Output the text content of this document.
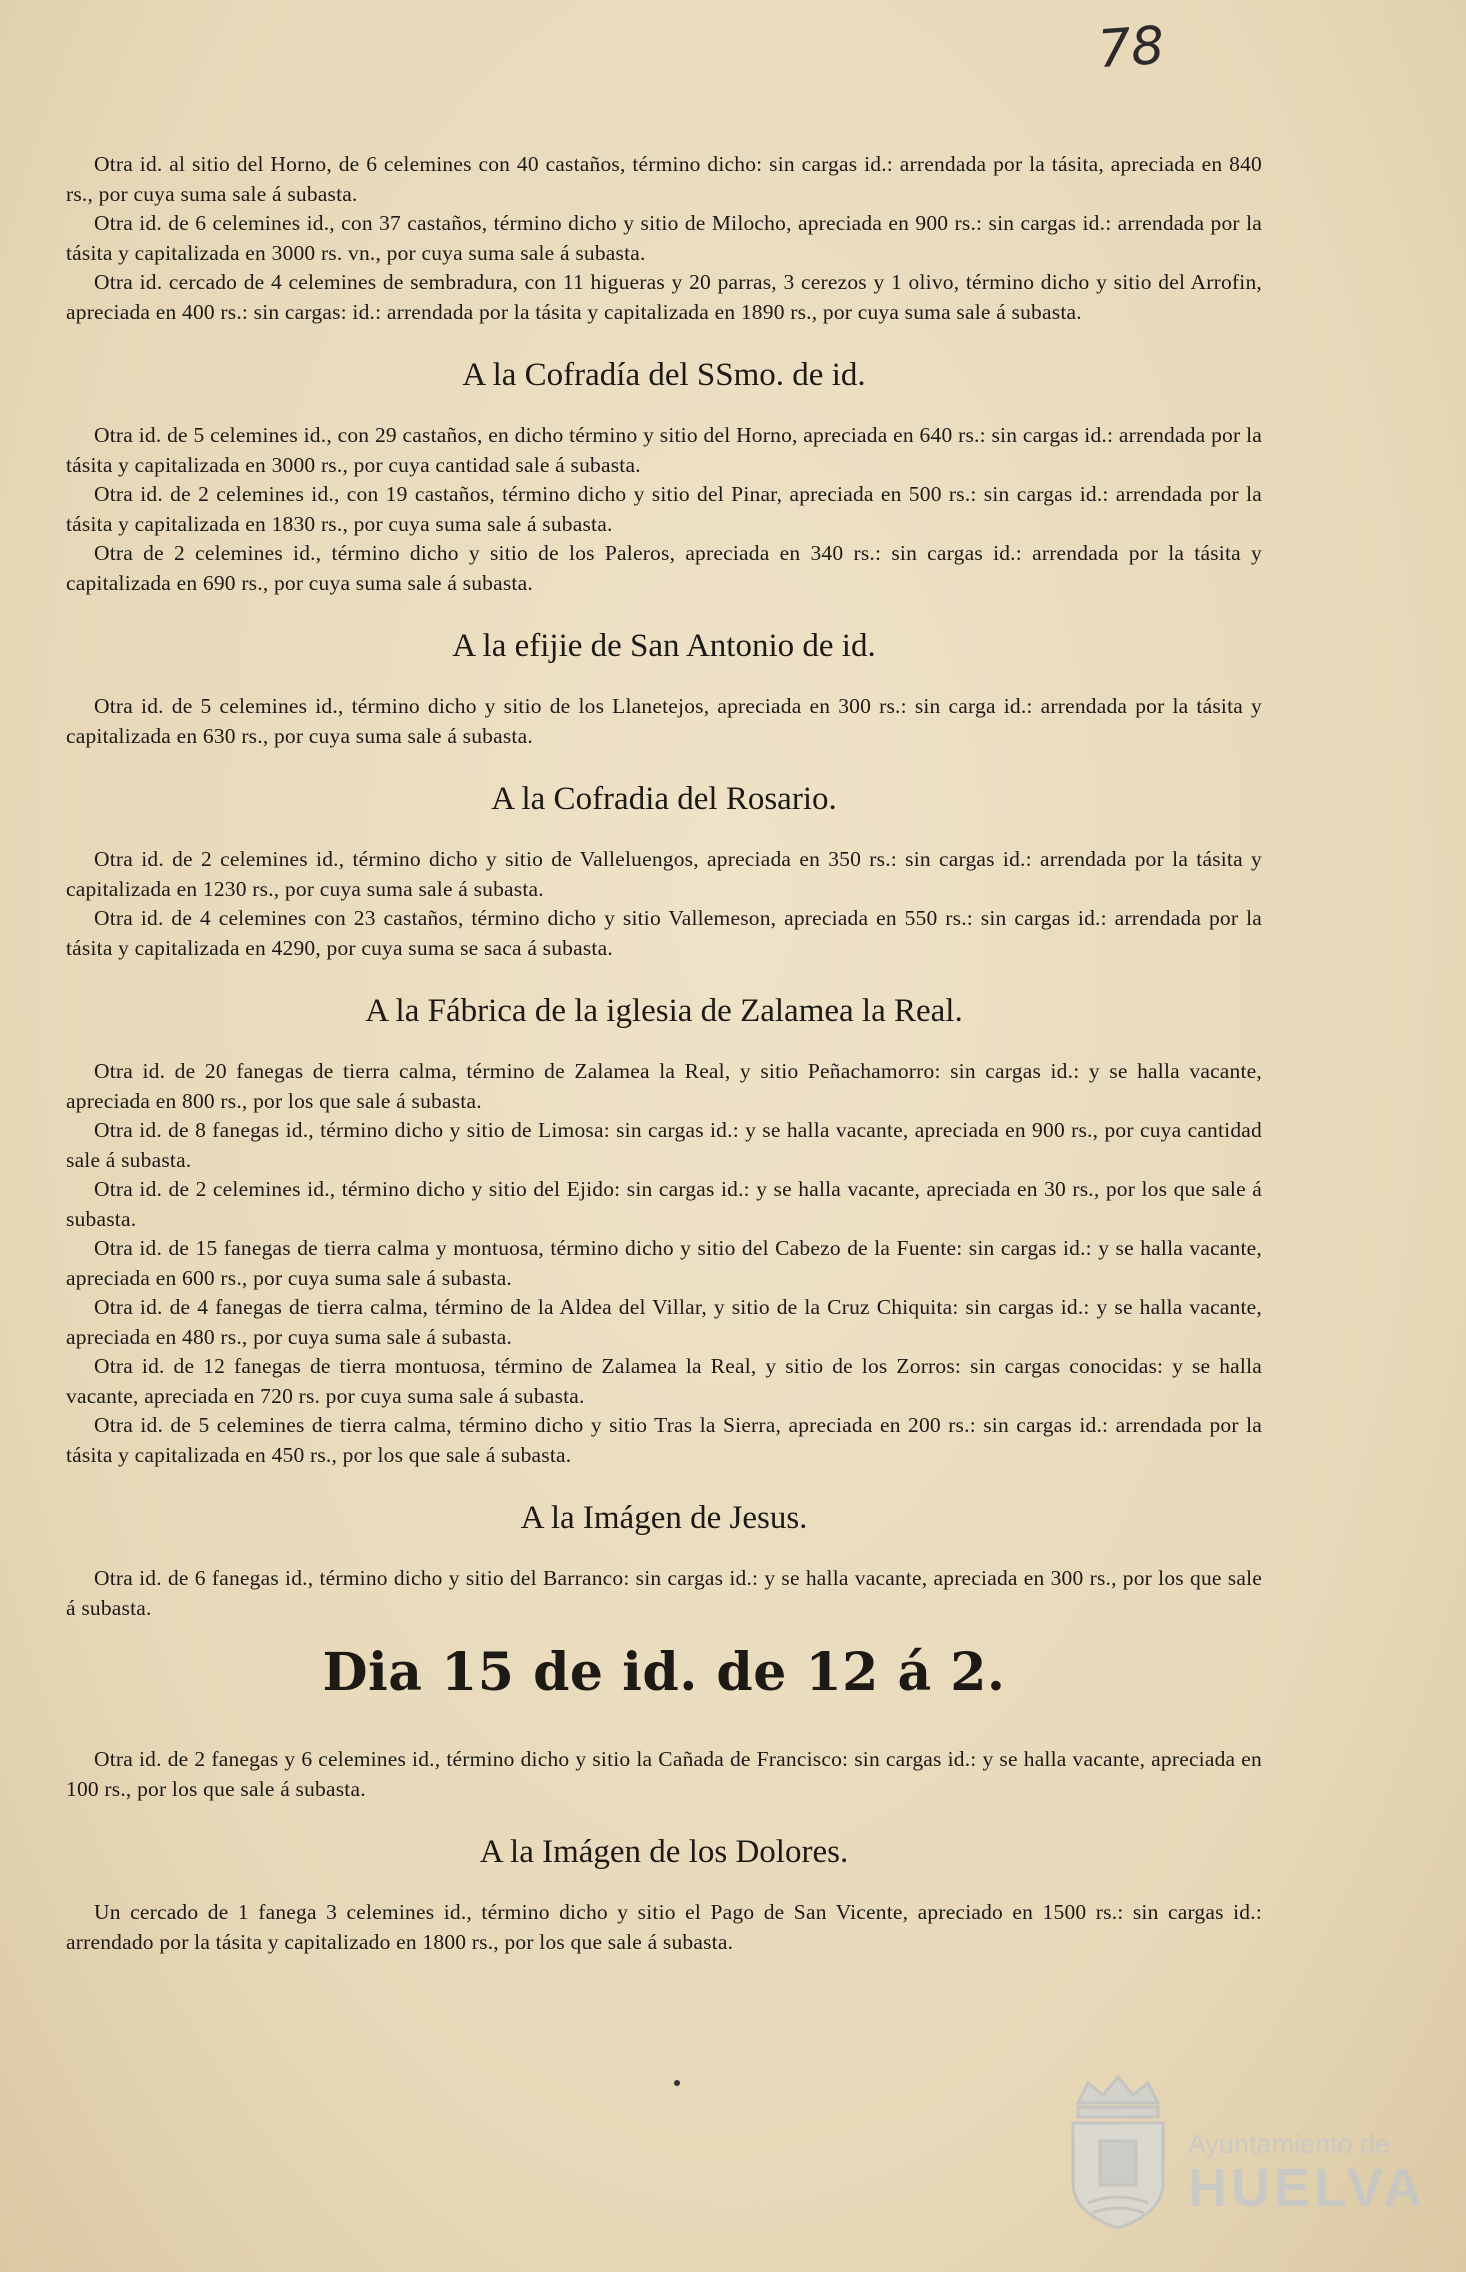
78

Otra id. al sitio del Horno, de 6 celemines con 40 castaños, término dicho: sin cargas id.: arrendada por la tásita, apreciada en 840 rs., por cuya suma sale á subasta.

Otra id. de 6 celemines id., con 37 castaños, término dicho y sitio de Milocho, apreciada en 900 rs.: sin cargas id.: arrendada por la tásita y capitalizada en 3000 rs. vn., por cuya suma sale á subasta.

Otra id. cercado de 4 celemines de sembradura, con 11 higueras y 20 parras, 3 cerezos y 1 olivo, término dicho y sitio del Arrofin, apreciada en 400 rs.: sin cargas: id.: arrendada por la tásita y capitalizada en 1890 rs., por cuya suma sale á subasta.

A la Cofradía del SSmo. de id.

Otra id. de 5 celemines id., con 29 castaños, en dicho término y sitio del Horno, apreciada en 640 rs.: sin cargas id.: arrendada por la tásita y capitalizada en 3000 rs., por cuya cantidad sale á subasta.

Otra id. de 2 celemines id., con 19 castaños, término dicho y sitio del Pinar, apreciada en 500 rs.: sin cargas id.: arrendada por la tásita y capitalizada en 1830 rs., por cuya suma sale á subasta.

Otra de 2 celemines id., término dicho y sitio de los Paleros, apreciada en 340 rs.: sin cargas id.: arrendada por la tásita y capitalizada en 690 rs., por cuya suma sale á subasta.

A la efijie de San Antonio de id.

Otra id. de 5 celemines id., término dicho y sitio de los Llanetejos, apreciada en 300 rs.: sin carga id.: arrendada por la tásita y capitalizada en 630 rs., por cuya suma sale á subasta.

A la Cofradia del Rosario.

Otra id. de 2 celemines id., término dicho y sitio de Valleluengos, apreciada en 350 rs.: sin cargas id.: arrendada por la tásita y capitalizada en 1230 rs., por cuya suma sale á subasta.

Otra id. de 4 celemines con 23 castaños, término dicho y sitio Vallemeson, apreciada en 550 rs.: sin cargas id.: arrendada por la tásita y capitalizada en 4290, por cuya suma se saca á subasta.

A la Fábrica de la iglesia de Zalamea la Real.

Otra id. de 20 fanegas de tierra calma, término de Zalamea la Real, y sitio Peñachamorro: sin cargas id.: y se halla vacante, apreciada en 800 rs., por los que sale á subasta.

Otra id. de 8 fanegas id., término dicho y sitio de Limosa: sin cargas id.: y se halla vacante, apreciada en 900 rs., por cuya cantidad sale á subasta.

Otra id. de 2 celemines id., término dicho y sitio del Ejido: sin cargas id.: y se halla vacante, apreciada en 30 rs., por los que sale á subasta.

Otra id. de 15 fanegas de tierra calma y montuosa, término dicho y sitio del Cabezo de la Fuente: sin cargas id.: y se halla vacante, apreciada en 600 rs., por cuya suma sale á subasta.

Otra id. de 4 fanegas de tierra calma, término de la Aldea del Villar, y sitio de la Cruz Chiquita: sin cargas id.: y se halla vacante, apreciada en 480 rs., por cuya suma sale á subasta.

Otra id. de 12 fanegas de tierra montuosa, término de Zalamea la Real, y sitio de los Zorros: sin cargas conocidas: y se halla vacante, apreciada en 720 rs. por cuya suma sale á subasta.

Otra id. de 5 celemines de tierra calma, término dicho y sitio Tras la Sierra, apreciada en 200 rs.: sin cargas id.: arrendada por la tásita y capitalizada en 450 rs., por los que sale á subasta.

A la Imágen de Jesus.

Otra id. de 6 fanegas id., término dicho y sitio del Barranco: sin cargas id.: y se halla vacante, apreciada en 300 rs., por los que sale á subasta.

Dia 15 de id. de 12 á 2.

Otra id. de 2 fanegas y 6 celemines id., término dicho y sitio la Cañada de Francisco: sin cargas id.: y se halla vacante, apreciada en 100 rs., por los que sale á subasta.

A la Imágen de los Dolores.

Un cercado de 1 fanega 3 celemines id., término dicho y sitio el Pago de San Vicente, apreciado en 1500 rs.: sin cargas id.: arrendado por la tásita y capitalizado en 1800 rs., por los que sale á subasta.

Ayuntamiento de
HUELVA
